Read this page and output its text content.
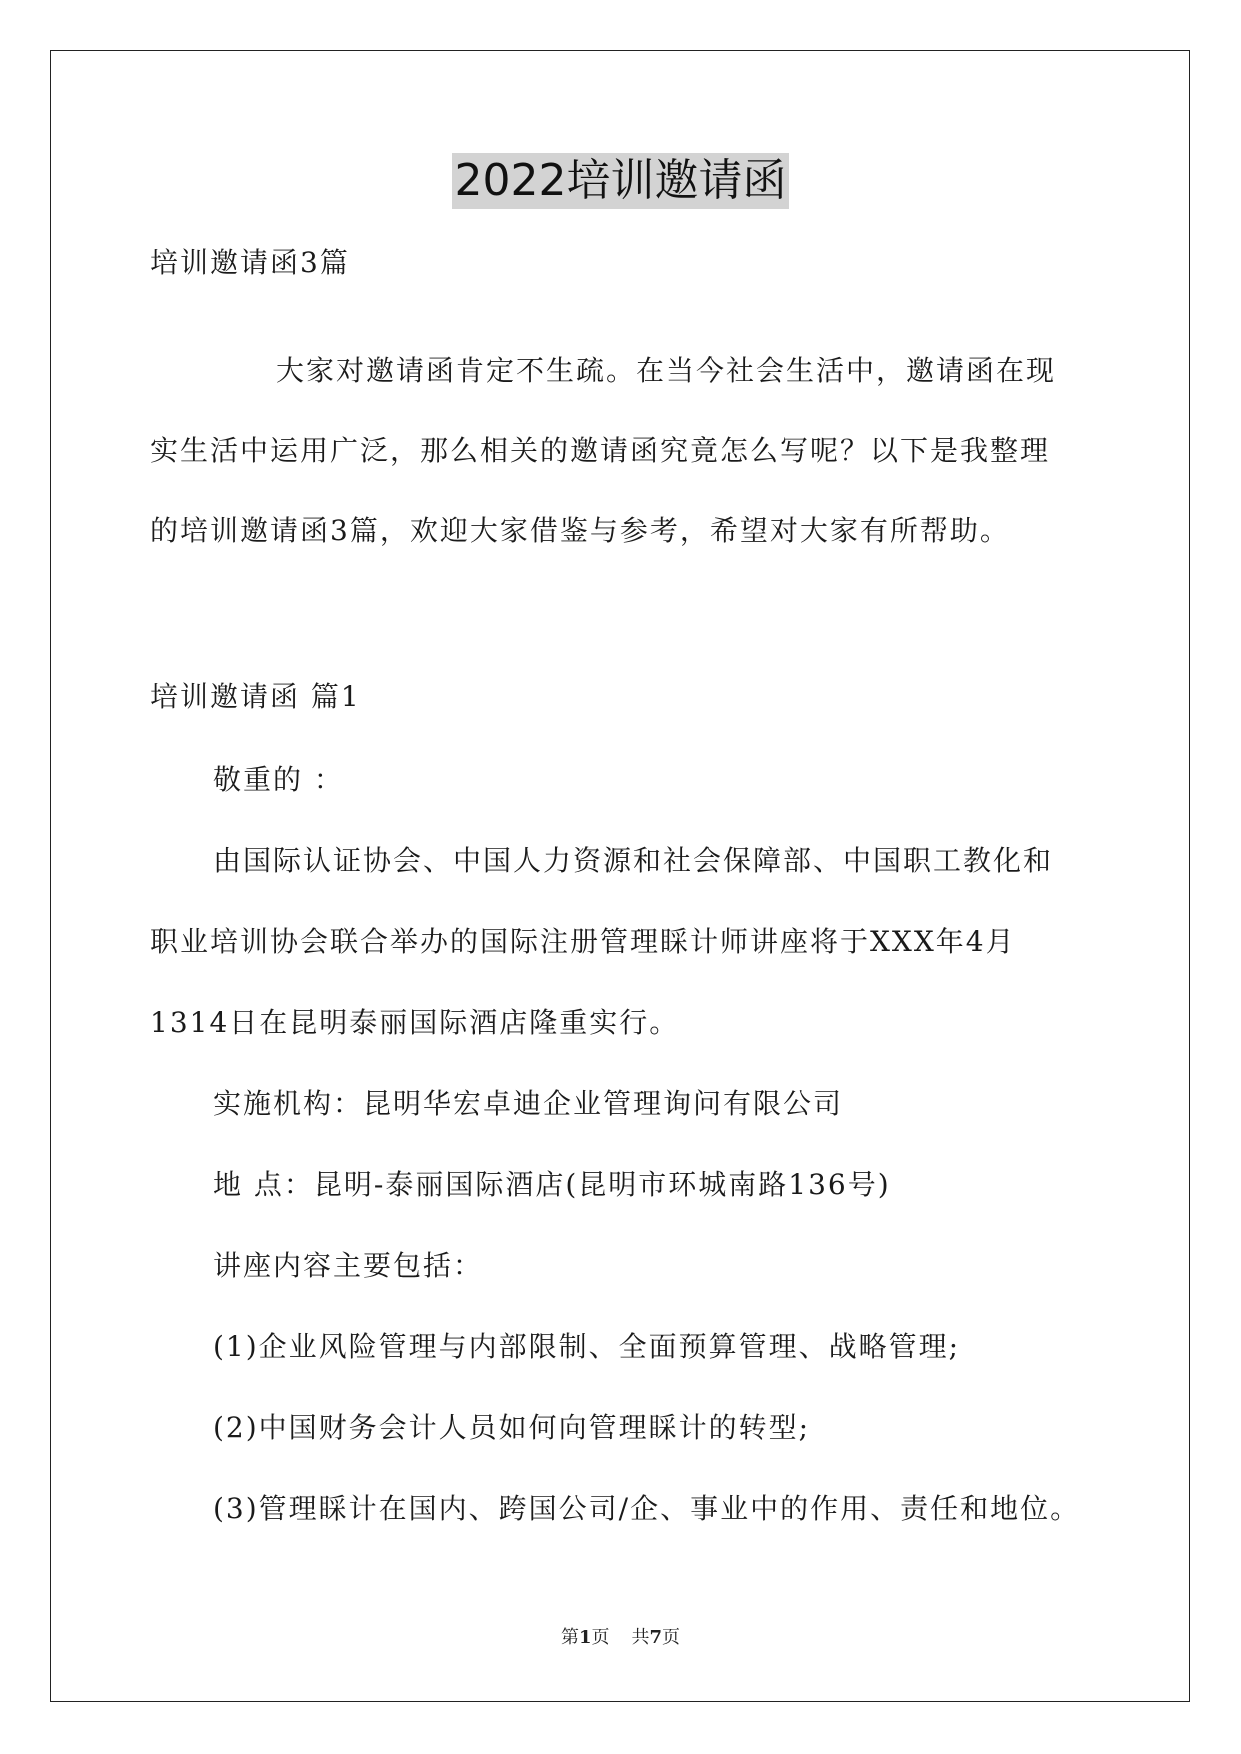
2022培训邀请函
培训邀请函3篇
大家对邀请函肯定不生疏。在当今社会生活中，邀请函在现
实生活中运用广泛，那么相关的邀请函究竟怎么写呢？以下是我整理
的培训邀请函3篇，欢迎大家借鉴与参考，希望对大家有所帮助。
培训邀请函 篇1
敬重的 ：
由国际认证协会、中国人力资源和社会保障部、中国职工教化和
职业培训协会联合举办的国际注册管理睬计师讲座将于XXX年4月
1314日在昆明泰丽国际酒店隆重实行。
实施机构：昆明华宏卓迪企业管理询问有限公司
地 点：昆明-泰丽国际酒店(昆明市环城南路136号)
讲座内容主要包括：
(1)企业风险管理与内部限制、全面预算管理、战略管理;
(2)中国财务会计人员如何向管理睬计的转型;
(3)管理睬计在国内、跨国公司/企、事业中的作用、责任和地位。
第1页 共7页
